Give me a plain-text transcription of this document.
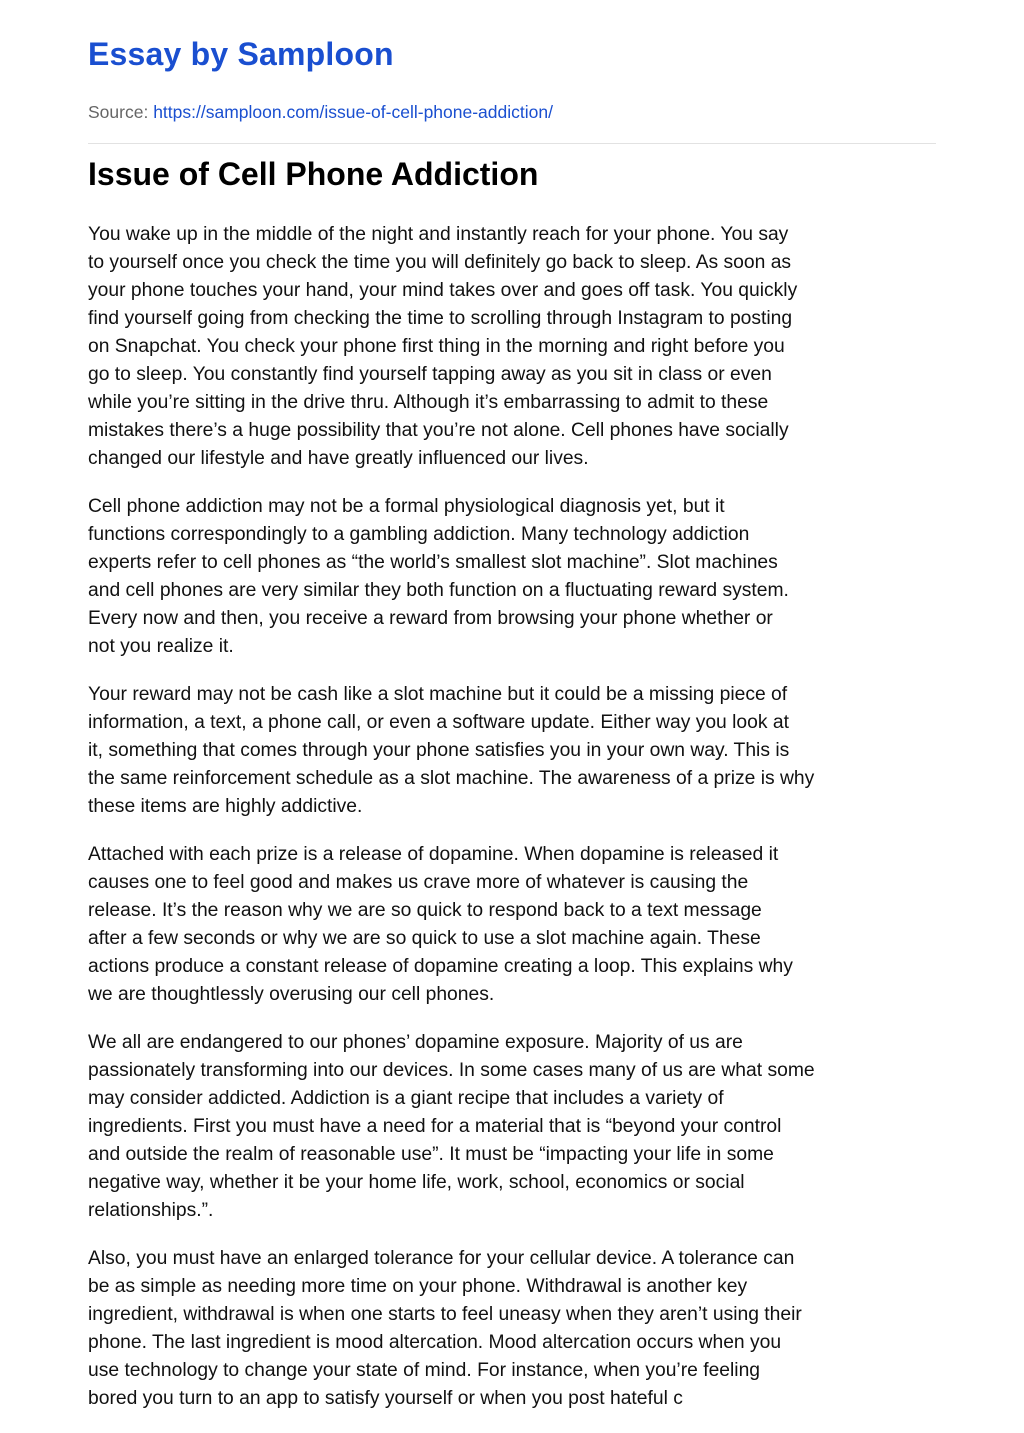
Essay by Samploon
Source: https://samploon.com/issue-of-cell-phone-addiction/
Issue of Cell Phone Addiction

You wake up in the middle of the night and instantly reach for your phone. You say
to yourself once you check the time you will definitely go back to sleep. As soon as
your phone touches your hand, your mind takes over and goes off task. You quickly
find yourself going from checking the time to scrolling through Instagram to posting
on Snapchat. You check your phone first thing in the morning and right before you
go to sleep. You constantly find yourself tapping away as you sit in class or even
while you’re sitting in the drive thru. Although it’s embarrassing to admit to these
mistakes there’s a huge possibility that you’re not alone. Cell phones have socially
changed our lifestyle and have greatly influenced our lives.

Cell phone addiction may not be a formal physiological diagnosis yet, but it
functions correspondingly to a gambling addiction. Many technology addiction
experts refer to cell phones as “the world’s smallest slot machine”. Slot machines
and cell phones are very similar they both function on a fluctuating reward system.
Every now and then, you receive a reward from browsing your phone whether or
not you realize it.

Your reward may not be cash like a slot machine but it could be a missing piece of
information, a text, a phone call, or even a software update. Either way you look at
it, something that comes through your phone satisfies you in your own way. This is
the same reinforcement schedule as a slot machine. The awareness of a prize is why
these items are highly addictive.

Attached with each prize is a release of dopamine. When dopamine is released it
causes one to feel good and makes us crave more of whatever is causing the
release. It’s the reason why we are so quick to respond back to a text message
after a few seconds or why we are so quick to use a slot machine again. These
actions produce a constant release of dopamine creating a loop. This explains why
we are thoughtlessly overusing our cell phones.

We all are endangered to our phones’ dopamine exposure. Majority of us are
passionately transforming into our devices. In some cases many of us are what some
may consider addicted. Addiction is a giant recipe that includes a variety of
ingredients. First you must have a need for a material that is “beyond your control
and outside the realm of reasonable use”. It must be “impacting your life in some
negative way, whether it be your home life, work, school, economics or social
relationships.”.

Also, you must have an enlarged tolerance for your cellular device. A tolerance can
be as simple as needing more time on your phone. Withdrawal is another key
ingredient, withdrawal is when one starts to feel uneasy when they aren’t using their
phone. The last ingredient is mood altercation. Mood altercation occurs when you
use technology to change your state of mind. For instance, when you’re feeling
bored you turn to an app to satisfy yourself or when you post hateful c
